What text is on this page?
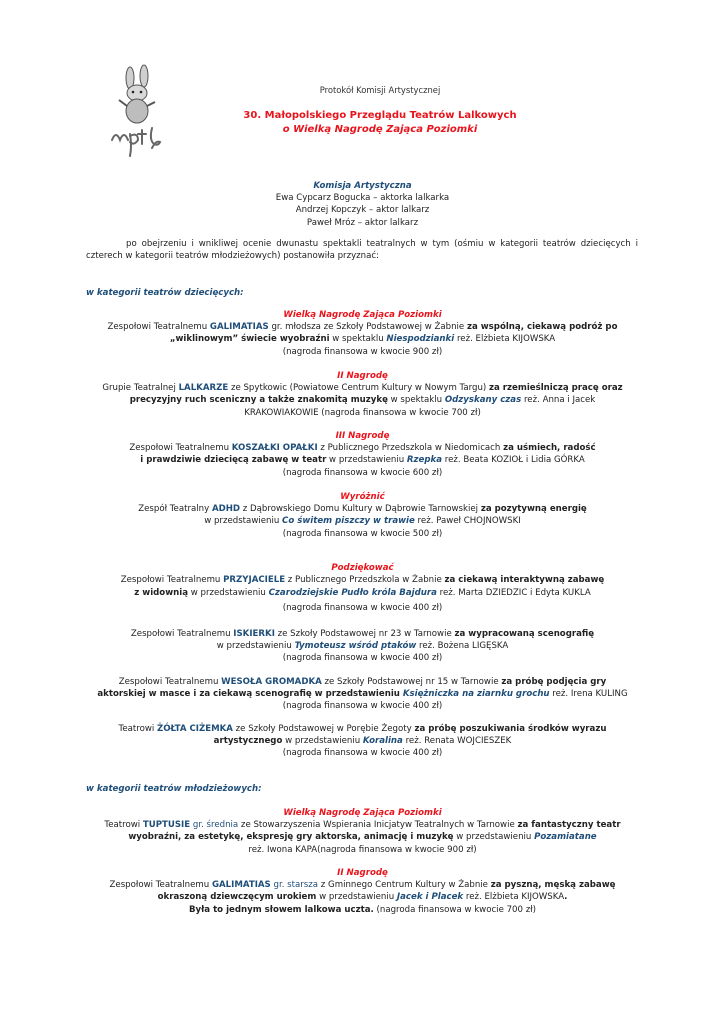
Protokół Komisji Artystycznej
30. Małopolskiego Przeglądu Teatrów Lalkowych
o Wielką Nagrodę Zająca Poziomki
Komisja Artystyczna
Ewa Cypcarz Bogucka – aktorka lalkarka
Andrzej Kopczyk – aktor lalkarz
Paweł Mróz – aktor lalkarz
po obejrzeniu i wnikliwej ocenie dwunastu spektakli teatralnych w tym (ośmiu w kategorii teatrów dziecięcych i czterech w kategorii teatrów młodzieżowych) postanowiła przyznać:
w kategorii teatrów dziecięcych:
Wielką Nagrodę Zająca Poziomki
Zespołowi Teatralnemu GALIMATIAS gr. młodsza ze Szkoły Podstawowej w Żabnie za wspólną, ciekawą podróż po
„wiklinowym” świecie wyobraźni w spektaklu Niespodzianki reż. Elżbieta KIJOWSKA
(nagroda finansowa w kwocie 900 zł)
II Nagrodę
Grupie Teatralnej LALKARZE ze Spytkowic (Powiatowe Centrum Kultury w Nowym Targu) za rzemieślniczą pracę oraz
precyzyjny ruch sceniczny a także znakomitą muzykę w spektaklu Odzyskany czas reż. Anna i Jacek
KRAKOWIAKOWIE (nagroda finansowa w kwocie 700 zł)
III Nagrodę
Zespołowi Teatralnemu KOSZAŁKI OPAŁKI z Publicznego Przedszkola w Niedomicach za uśmiech, radość
i prawdziwie dziecięcą zabawę w teatr w przedstawieniu Rzepka reż. Beata KOZIOŁ i Lidia GÓRKA
(nagroda finansowa w kwocie 600 zł)
Wyróżnić
Zespół Teatralny ADHD z Dąbrowskiego Domu Kultury w Dąbrowie Tarnowskiej za pozytywną energię
w przedstawieniu Co świtem piszczy w trawie reż. Paweł CHOJNOWSKI
(nagroda finansowa w kwocie 500 zł)
Podziękować
Zespołowi Teatralnemu PRZYJACIELE z Publicznego Przedszkola w Żabnie za ciekawą interaktywną zabawę
z widownią w przedstawieniu Czarodziejskie Pudło króla Bajdura reż. Marta DZIEDZIC i Edyta KUKLA
(nagroda finansowa w kwocie 400 zł)
Zespołowi Teatralnemu ISKIERKI ze Szkoły Podstawowej nr 23 w Tarnowie za wypracowaną scenografię
w przedstawieniu Tymoteusz wśród ptaków reż. Bożena LIGĘSKA
(nagroda finansowa w kwocie 400 zł)
Zespołowi Teatralnemu WESOŁA GROMADKA ze Szkoły Podstawowej nr 15 w Tarnowie za próbę podjęcia gry
aktorskiej w masce i za ciekawą scenografię w przedstawieniu Księżniczka na ziarnku grochu reż. Irena KULING
(nagroda finansowa w kwocie 400 zł)
Teatrowi ŻÓŁTA CIŻEMKA ze Szkoły Podstawowej w Porębie Żegoty za próbę poszukiwania środków wyrazu
artystycznego w przedstawieniu Koralina reż. Renata WOJCIESZEK
(nagroda finansowa w kwocie 400 zł)
w kategorii teatrów młodzieżowych:
Wielką Nagrodę Zająca Poziomki
Teatrowi TUPTUSIE gr. średnia ze Stowarzyszenia Wspierania Inicjatyw Teatralnych w Tarnowie za fantastyczny teatr
wyobraźni, za estetykę, ekspresję gry aktorska, animację i muzykę w przedstawieniu Pozamiatane
reż. Iwona KAPA(nagroda finansowa w kwocie 900 zł)
II Nagrodę
Zespołowi Teatralnemu GALIMATIAS gr. starsza z Gminnego Centrum Kultury w Żabnie za pyszną, męską zabawę
okraszoną dziewczęcym urokiem w przedstawieniu Jacek i Placek reż. Elżbieta KIJOWSKA.
Była to jednym słowem lalkowa uczta. (nagroda finansowa w kwocie 700 zł)
